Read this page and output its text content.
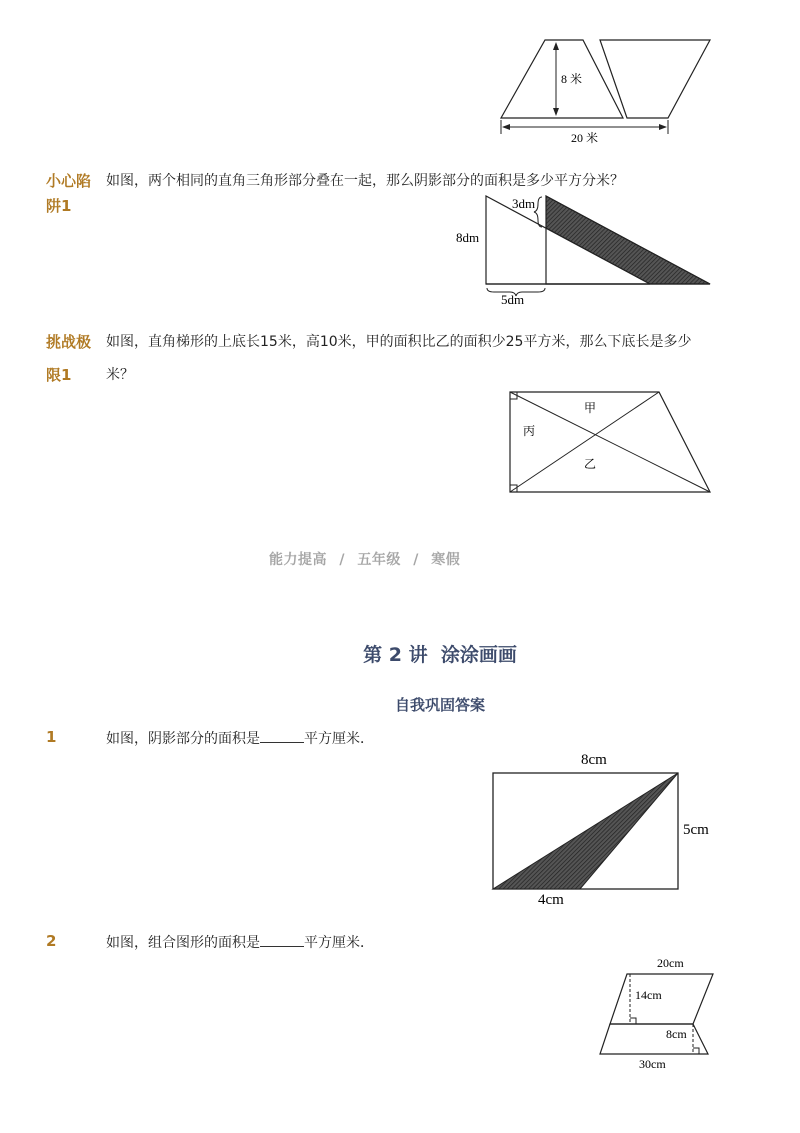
8 米
20 米
小心陷
阱1
如图，两个相同的直角三角形部分叠在一起，那么阴影部分的面积是多少平方分米？
3dm
8dm
5dm
挑战极
限1
如图，直角梯形的上底长15米，高10米，甲的面积比乙的面积少25平方米，那么下底长是多少
米？
甲
丙
乙
能力提高 / 五年级 / 寒假
第 2 讲  涂涂画画
自我巩固答案
1	如图，阴影部分的面积是	平方厘米．
8cm
5cm
4cm
2	如图，组合图形的面积是	平方厘米．
20cm
14cm
8cm
30cm
